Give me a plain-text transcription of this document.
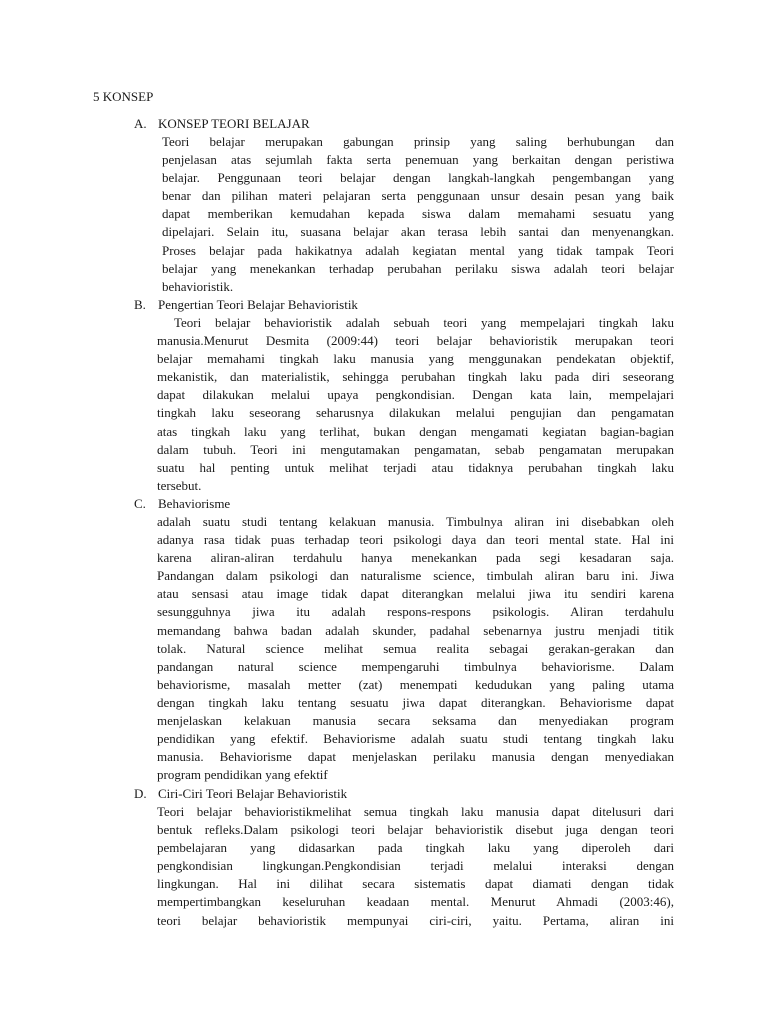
5 KONSEP
A. KONSEP TEORI BELAJAR
Teori belajar merupakan gabungan prinsip yang saling berhubungan dan
penjelasan atas sejumlah fakta serta penemuan yang berkaitan dengan peristiwa
belajar. Penggunaan teori belajar dengan langkah-langkah pengembangan yang
benar dan pilihan materi pelajaran serta penggunaan unsur desain pesan yang baik
dapat memberikan kemudahan kepada siswa dalam memahami sesuatu yang
dipelajari. Selain itu, suasana belajar akan terasa lebih santai dan menyenangkan.
Proses belajar pada hakikatnya adalah kegiatan mental yang tidak tampak Teori
belajar yang menekankan terhadap perubahan perilaku siswa adalah teori belajar
behavioristik.
B. Pengertian Teori Belajar Behavioristik
Teori belajar behavioristik adalah sebuah teori yang mempelajari tingkah laku
manusia.Menurut Desmita (2009:44) teori belajar behavioristik merupakan teori
belajar memahami tingkah laku manusia yang menggunakan pendekatan objektif,
mekanistik, dan materialistik, sehingga perubahan tingkah laku pada diri seseorang
dapat dilakukan melalui upaya pengkondisian. Dengan kata lain, mempelajari
tingkah laku seseorang seharusnya dilakukan melalui pengujian dan pengamatan
atas tingkah laku yang terlihat, bukan dengan mengamati kegiatan bagian-bagian
dalam tubuh. Teori ini mengutamakan pengamatan, sebab pengamatan merupakan
suatu hal penting untuk melihat terjadi atau tidaknya perubahan tingkah laku
tersebut.
C. Behaviorisme
adalah suatu studi tentang kelakuan manusia. Timbulnya aliran ini disebabkan oleh
adanya rasa tidak puas terhadap teori psikologi daya dan teori mental state. Hal ini
karena aliran-aliran terdahulu hanya menekankan pada segi kesadaran saja.
Pandangan dalam psikologi dan naturalisme science, timbulah aliran baru ini. Jiwa
atau sensasi atau image tidak dapat diterangkan melalui jiwa itu sendiri karena
sesungguhnya jiwa itu adalah respons-respons psikologis. Aliran terdahulu
memandang bahwa badan adalah skunder, padahal sebenarnya justru menjadi titik
tolak. Natural science melihat semua realita sebagai gerakan-gerakan dan
pandangan natural science mempengaruhi timbulnya behaviorisme. Dalam
behaviorisme, masalah metter (zat) menempati kedudukan yang paling utama
dengan tingkah laku tentang sesuatu jiwa dapat diterangkan. Behaviorisme dapat
menjelaskan kelakuan manusia secara seksama dan menyediakan program
pendidikan yang efektif. Behaviorisme adalah suatu studi tentang tingkah laku
manusia. Behaviorisme dapat menjelaskan perilaku manusia dengan menyediakan
program pendidikan yang efektif
D. Ciri-Ciri Teori Belajar Behavioristik
Teori belajar behavioristikmelihat semua tingkah laku manusia dapat ditelusuri dari
bentuk refleks.Dalam psikologi teori belajar behavioristik disebut juga dengan teori
pembelajaran yang didasarkan pada tingkah laku yang diperoleh dari
pengkondisian lingkungan.Pengkondisian terjadi melalui interaksi dengan
lingkungan. Hal ini dilihat secara sistematis dapat diamati dengan tidak
mempertimbangkan keseluruhan keadaan mental. Menurut Ahmadi (2003:46),
teori belajar behavioristik mempunyai ciri-ciri, yaitu. Pertama, aliran ini
